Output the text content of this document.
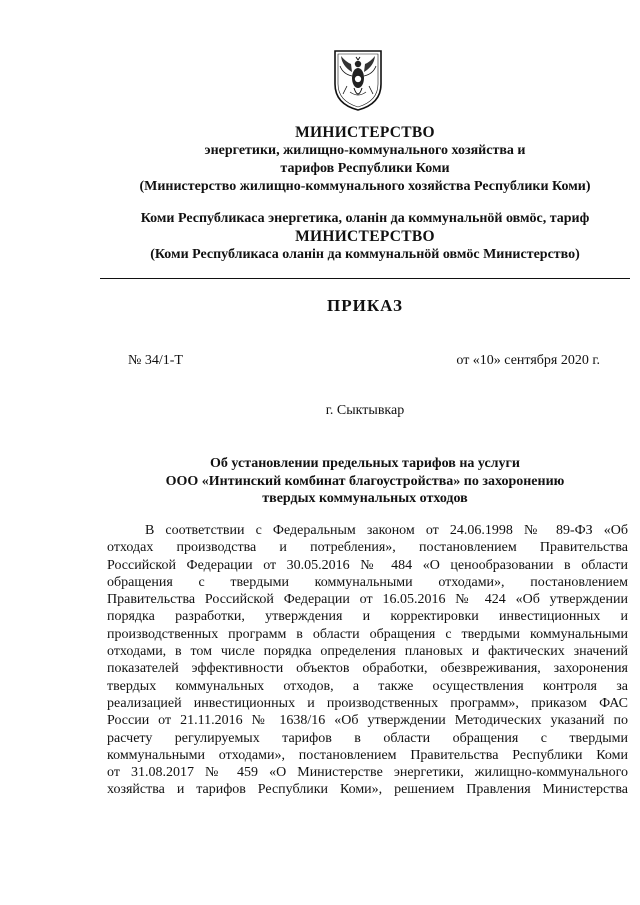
МИНИСТЕРСТВО
энергетики, жилищно-коммунального хозяйства и
тарифов Республики Коми
(Министерство жилищно-коммунального хозяйства Республики Коми)
Коми Республикаса энергетика, оланiн да коммунальнӧй овмӧс, тариф
МИНИСТЕРСТВО
(Коми Республикаса оланiн да коммунальнӧй овмӧс Министерство)
ПРИКАЗ
№ 34/1-Т	от «10» сентября 2020 г.
г. Сыктывкар
Об установлении предельных тарифов на услуги
ООО «Интинский комбинат благоустройства» по захоронению
твердых коммунальных отходов
В соответствии с Федеральным законом от 24.06.1998 № 89-ФЗ «Об
отходах производства и потребления», постановлением Правительства
Российской Федерации от 30.05.2016 № 484 «О ценообразовании в области
обращения с твердыми коммунальными отходами», постановлением
Правительства Российской Федерации от 16.05.2016 № 424 «Об утверждении
порядка разработки, утверждения и корректировки инвестиционных и
производственных программ в области обращения с твердыми коммунальными
отходами, в том числе порядка определения плановых и фактических значений
показателей эффективности объектов обработки, обезвреживания, захоронения
твердых коммунальных отходов, а также осуществления контроля за
реализацией инвестиционных и производственных программ», приказом ФАС
России от 21.11.2016 № 1638/16 «Об утверждении Методических указаний по
расчету регулируемых тарифов в области обращения с твердыми
коммунальными отходами», постановлением Правительства Республики Коми
от 31.08.2017 № 459 «О Министерстве энергетики, жилищно-коммунального
хозяйства и тарифов Республики Коми», решением Правления Министерства
